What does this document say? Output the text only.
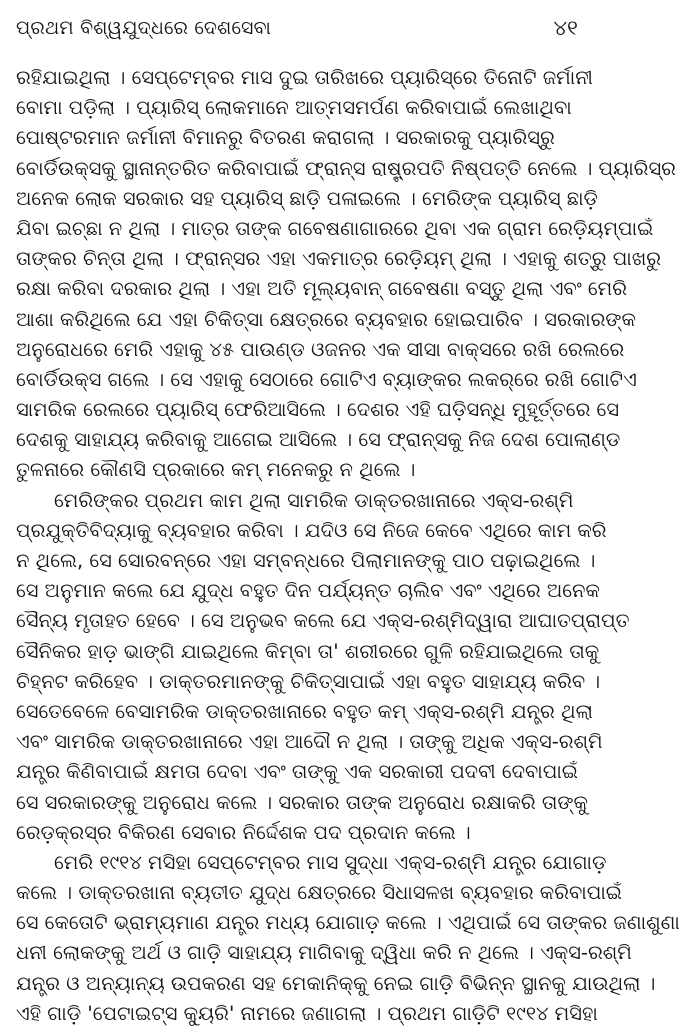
ପ୍ରଥମ ବିଶ୍ୱଯୁଦ୍ଧରେ ଦେଶସେବା	୪୧
ରହିଯାଇଥିଲା । ସେପ୍ଟେମ୍ବର ମାସ ଦୁଇ ତାରିଖରେ ପ୍ୟାରିସ୍‌ରେ ତିନୋଟି ଜର୍ମାନୀ
ବୋମା ପଡ଼ିଲା । ପ୍ୟାରିସ୍ ଲୋକମାନେ ଆତ୍ମସମର୍ପଣ କରିବାପାଇଁ ଲେଖାଥିବା
ପୋଷ୍ଟରମାନ ଜର୍ମାନୀ ବିମାନରୁ ବିତରଣ କରାଗଲା । ସରକାରକୁ ପ୍ୟାରିସ୍‌ରୁ
ବୋର୍ଡିଉକ୍ସକୁ ସ୍ଥାନାନ୍ତରିତ କରିବାପାଇଁ ଫ୍ରାନ୍ସ ରାଷ୍ଟ୍ରପତି ନିଷ୍ପତ୍ତି ନେଲେ । ପ୍ୟାରିସ୍‌ର
ଅନେକ ଲୋକ ସରକାର ସହ ପ୍ୟାରିସ୍ ଛାଡ଼ି ପଳାଇଲେ । ମେରିଙ୍କ ପ୍ୟାରିସ୍ ଛାଡ଼ି
ଯିବା ଇଚ୍ଛା ନ ଥିଲା । ମାତ୍ର ତାଙ୍କ ଗବେଷଣାଗାରରେ ଥିବା ଏକ ଗ୍ରାମ ରେଡ଼ିୟମ୍‌ପାଇଁ
ତାଙ୍କର ଚିନ୍ତା ଥିଲା । ଫ୍ରାନ୍ସର ଏହା ଏକମାତ୍ର ରେଡ଼ିୟମ୍ ଥିଲା । ଏହାକୁ ଶତ୍ରୁ ପାଖରୁ
ରକ୍ଷା କରିବା ଦରକାର ଥିଲା । ଏହା ଅତି ମୂଲ୍ୟବାନ୍ ଗବେଷଣା ବସ୍ତୁ ଥିଲା ଏବଂ ମେରି
ଆଶା କରିଥିଲେ ଯେ ଏହା ଚିକିତ୍ସା କ୍ଷେତ୍ରରେ ବ୍ୟବହାର ହୋଇପାରିବ । ସରକାରଙ୍କ
ଅନୁରୋଧରେ ମେରି ଏହାକୁ ୪୫ ପାଉଣ୍ଡ ଓଜନର ଏକ ସୀସା ବାକ୍ସରେ ରଖି ରେଲରେ
ବୋର୍ଡିଉକ୍ସ ଗଲେ । ସେ ଏହାକୁ ସେଠାରେ ଗୋଟିଏ ବ୍ୟାଙ୍କର ଲକର୍‌ରେ ରଖି ଗୋଟିଏ
ସାମରିକ ରେଲରେ ପ୍ୟାରିସ୍ ଫେରିଆସିଲେ । ଦେଶର ଏହି ଘଡ଼ିସନ୍ଧି ମୁହୂର୍ତ୍ତରେ ସେ
ଦେଶକୁ ସାହାଯ୍ୟ କରିବାକୁ ଆଗେଇ ଆସିଲେ । ସେ ଫ୍ରାନ୍ସକୁ ନିଜ ଦେଶ ପୋଲାଣ୍ଡ
ତୁଳନାରେ କୌଣସି ପ୍ରକାରେ କମ୍ ମନେକରୁ ନ ଥିଲେ ।
ମେରିଙ୍କର ପ୍ରଥମ କାମ ଥିଲା ସାମରିକ ଡାକ୍ତରଖାନାରେ ଏକ୍ସ-ରଶ୍ମି
ପ୍ରଯୁକ୍ତିବିଦ୍ୟାକୁ ବ୍ୟବହାର କରିବା । ଯଦିଓ ସେ ନିଜେ କେବେ ଏଥିରେ କାମ କରି
ନ ଥିଲେ, ସେ ସୋରବନ୍‌ରେ ଏହା ସମ୍ବନ୍ଧରେ ପିଲାମାନଙ୍କୁ ପାଠ ପଢ଼ାଇଥିଲେ ।
ସେ ଅନୁମାନ କଲେ ଯେ ଯୁଦ୍ଧ ବହୁତ ଦିନ ପର୍ଯ୍ୟନ୍ତ ଚାଲିବ ଏବଂ ଏଥିରେ ଅନେକ
ସୈନ୍ୟ ମୃତାହତ ହେବେ । ସେ ଅନୁଭବ କଲେ ଯେ ଏକ୍ସ-ରଶ୍ମିଦ୍ୱାରା ଆଘାତପ୍ରାପ୍ତ
ସୈନିକର ହାଡ଼ ଭାଙ୍ଗି ଯାଇଥିଲେ କିମ୍ବା ତା' ଶରୀରରେ ଗୁଳି ରହିଯାଇଥିଲେ ତାକୁ
ଚିହ୍ନଟ କରିହେବ । ଡାକ୍ତରମାନଙ୍କୁ ଚିକିତ୍ସାପାଇଁ ଏହା ବହୁତ ସାହାଯ୍ୟ କରିବ ।
ସେତେବେଳେ ବେସାମରିକ ଡାକ୍ତରଖାନାରେ ବହୁତ କମ୍ ଏକ୍ସ-ରଶ୍ମି ଯନ୍ତ୍ର ଥିଲା
ଏବଂ ସାମରିକ ଡାକ୍ତରଖାନାରେ ଏହା ଆଦୌ ନ ଥିଲା । ତାଙ୍କୁ ଅଧିକ ଏକ୍ସ-ରଶ୍ମି
ଯନ୍ତ୍ର କିଣିବାପାଇଁ କ୍ଷମତା ଦେବା ଏବଂ ତାଙ୍କୁ ଏକ ସରକାରୀ ପଦବୀ ଦେବାପାଇଁ
ସେ ସରକାରଙ୍କୁ ଅନୁରୋଧ କଲେ । ସରକାର ତାଙ୍କ ଅନୁରୋଧ ରକ୍ଷାକରି ତାଙ୍କୁ
ରେଡ଼କ୍ରସ୍‌ର ବିକିରଣ ସେବାର ନିର୍ଦ୍ଦେଶକ ପଦ ପ୍ରଦାନ କଲେ ।
ମେରି ୧୯୧୪ ମସିହା ସେପ୍ଟେମ୍ବର ମାସ ସୁଦ୍ଧା ଏକ୍ସ-ରଶ୍ମି ଯନ୍ତ୍ର ଯୋଗାଡ଼
କଲେ । ଡାକ୍ତରଖାନା ବ୍ୟତୀତ ଯୁଦ୍ଧ କ୍ଷେତ୍ରରେ ସିଧାସଳଖ ବ୍ୟବହାର କରିବାପାଇଁ
ସେ କେତୋଟି ଭ୍ରାମ୍ୟମାଣ ଯନ୍ତ୍ର ମଧ୍ୟ ଯୋଗାଡ଼ କଲେ । ଏଥିପାଇଁ ସେ ତାଙ୍କର ଜଣାଶୁଣା
ଧନୀ ଲୋକଙ୍କୁ ଅର୍ଥ ଓ ଗାଡ଼ି ସାହାଯ୍ୟ ମାଗିବାକୁ ଦ୍ୱିଧା କରି ନ ଥିଲେ । ଏକ୍ସ-ରଶ୍ମି
ଯନ୍ତ୍ର ଓ ଅନ୍ୟାନ୍ୟ ଉପକରଣ ସହ ମେକାନିକ୍‌କୁ ନେଇ ଗାଡ଼ି ବିଭିନ୍ନ ସ୍ଥାନକୁ ଯାଉଥିଲା ।
ଏହି ଗାଡ଼ି 'ପେଟାଇଟ୍‌ସ କ୍ୟୁରି' ନାମରେ ଜଣାଗଲା । ପ୍ରଥମ ଗାଡ଼ିଟି ୧୯୧୪ ମସିହା
